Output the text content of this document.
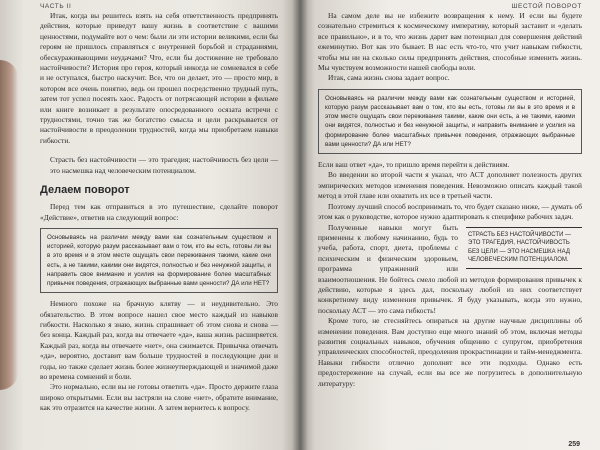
ЧАСТЬ II

Итак, когда вы решитесь взять на себя ответственность предпринять действия, которые приведут вашу жизнь в соответствие с вашими ценностями, подумайте вот о чем: были ли эти истории великими, если бы героям не пришлось справляться с внутренней борьбой и страданиями, обескураживающими неудачами? Что, если бы достижение не требовало настойчивости? История про героя, который никогда не сомневался в себе и не оступался, быстро наскучит. Все, что он делает, это — просто мир, в котором все очень понятно, ведь он прошел посредственно трудный путь, затем тот успел посеять хаос. Радость от потрясающей истории в фильме или книге возникает в результате опосредованного осязата встречи с трудностями, точно так же богатство смысла и цели раскрывается от настойчивости в преодолении трудностей, когда мы приобретаем навыки гибкости.

Страсть без настойчивости — это трагедия; настойчивость без цели — это насмешка над человеческим потенциалом.
Делаем поворот

Перед тем как отправиться в это путешествие, сделайте поворот «Действие», ответив на следующий вопрос:

Основываясь на различии между вами как сознательным существом и историей, которую разум рассказывает вам о том, кто вы есть, готовы ли вы в это время и в этом месте ощущать свои переживания такими, какие они есть, а не такими, какими они видятся, полностью и без ненужной защиты, и направить свое внимание и усилия на формирование более масштабных привычек поведения, отражающих выбранные вами ценности? ДА или НЕТ?

Немного похоже на брачную клятву — и неудивительно. Это обязательство. В этом вопросе нашел свое место каждый из навыков гибкости. Насколько я знаю, жизнь спрашивает об этом снова и снова — без конца. Каждый раз, когда вы отвечаете «да», ваша жизнь расширяется. Каждый раз, когда вы отвечаете «нет», она сжимается. Привычка отвечать «да», вероятно, доставит вам больше трудностей в последующие дни и годы, но также сделает жизнь более жизнеутверждающей и значимой даже во времена сомнений и боли.

Это нормально, если вы не готовы ответить «да». Просто держите глаза широко открытыми. Если вы застряли на слове «нет», обратите внимание, как это отразится на качестве жизни. А затем вернитесь к вопросу.

ШЕСТОЙ ПОВОРОТ

На самом деле вы не избежите возвращения к нему. И если вы будете сознательно стремиться к космическому императиву, который заставит и «делать все правильно», и в то, что жизнь дарит вам потенциал для совершения действий ежеминутно. Вот как это бывает. В нас есть что-то, что учит навыкам гибкости, чтобы мы ни на сколько силы предпринять действия, способные изменить жизнь. Мы чувствуем возможности нашей свободы воли.

Итак, сама жизнь снова задает вопрос.

Основываясь на различии между вами как сознательным существом и историей, которую разум рассказывает вам о том, кто вы есть, готовы ли вы в это время и в этом месте ощущать свои переживания такими, какие они есть, а не такими, какими они видятся, полностью и без ненужной защиты, и направить внимание и усилия на формирование более масштабных привычек поведения, отражающих выбранные вами ценности? ДА или НЕТ?

Если ваш ответ «да», то пришло время перейти к действиям.

Во введении ко второй части я указал, что АСТ дополняет полезность других эмпирических методов изменения поведения. Невозможно описать каждый такой метод в этой главе или охватить их все в третьей части.

Поэтому лучший способ воспринимать то, что будет сказано ниже, — думать об этом как о руководстве, которое нужно адаптировать к специфике рабочих задач.

СТРАСТЬ БЕЗ НАСТОЙЧИВОСТИ — ЭТО ТРАГЕДИЯ, НАСТОЙЧИВОСТЬ БЕЗ ЦЕЛИ — ЭТО НАСМЕШКА НАД ЧЕЛОВЕЧЕСКИМ ПОТЕНЦИАЛОМ.

Полученные навыки могут быть применены к любому начинанию, будь то учеба, работа, спорт, диета, проблемы с психическим и физическим здоровьем, программа упражнений или взаимоотношения. Не бойтесь смело любой из методов формирования привычек к действию, которые я здесь дал, поскольку любой из них соответствует конкретному виду изменения привычек. Я буду указывать, когда это нужно, поскольку АСТ — это сама гибкость!

Кроме того, не стесняйтесь опираться на другие научные дисциплины об изменении поведения. Вам доступно еще много знаний об этом, включая методы развития социальных навыков, обучения общению с супругом, приобретения управленческих способностей, преодоления прокрастинации и тайм-менеджмента. Навыки гибкости отлично дополнят все эти подходы. Однако есть предостережение на случай, если вы все же погрузитесь в дополнительную литературу:

259
